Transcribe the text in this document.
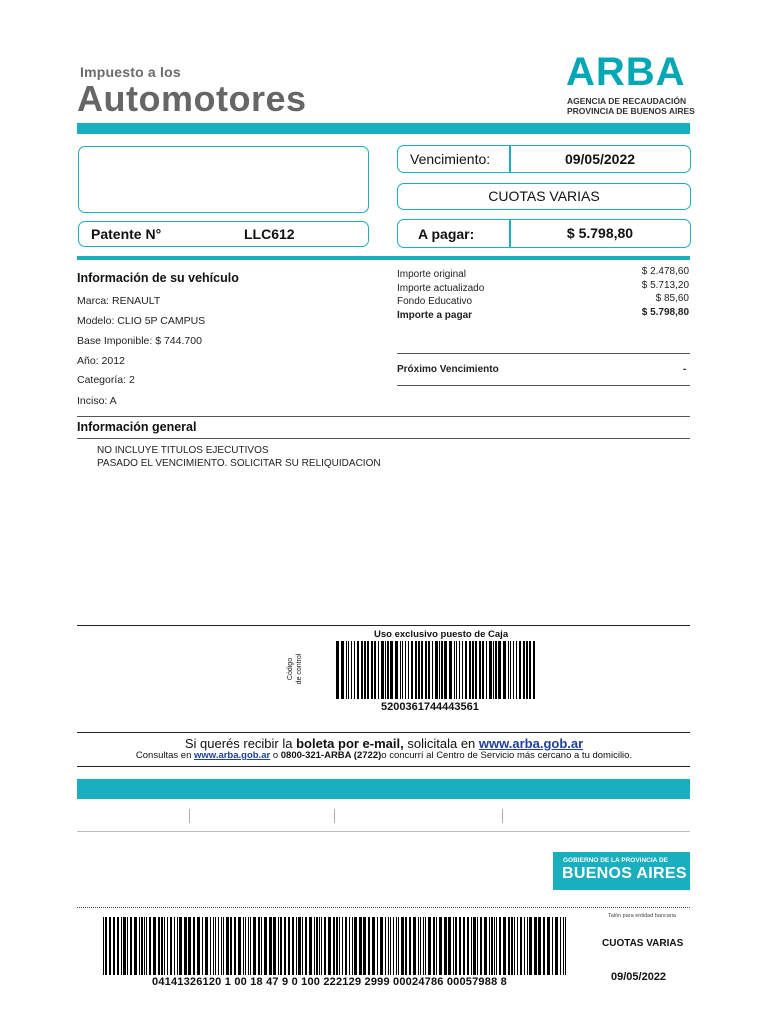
Impuesto a los
Automotores
ARBA
AGENCIA DE RECAUDACIÓN
PROVINCIA DE BUENOS AIRES
Patente N°	LLC612
Vencimiento:	09/05/2022
CUOTAS VARIAS
A pagar:	$ 5.798,80
Información de su vehículo
Marca: RENAULT
Modelo: CLIO 5P CAMPUS
Base Imponible: $ 744.700
Año: 2012
Categoría: 2
Inciso: A
Importe original	$ 2.478,60
Importe actualizado	$ 5.713,20
Fondo Educativo	$ 85,60
Importe a pagar	$ 5.798,80
Próximo Vencimiento	-
Información general
NO INCLUYE TITULOS EJECUTIVOS
PASADO EL VENCIMIENTO. SOLICITAR SU RELIQUIDACION
Uso exclusivo puesto de Caja
Código de control
5200361744443561
Si querés recibir la boleta por e-mail, solicitala en www.arba.gob.ar
Consultas en www.arba.gob.ar o 0800-321-ARBA (2722)o concurrí al Centro de Servicio más cercano a tu domicilio.
GOBIERNO DE LA PROVINCIA DE
BUENOS AIRES
04141326120 1 00 18 47 9 0 100 222129 2999 00024786 00057988 8
Talón para entidad bancaria
CUOTAS VARIAS
09/05/2022
